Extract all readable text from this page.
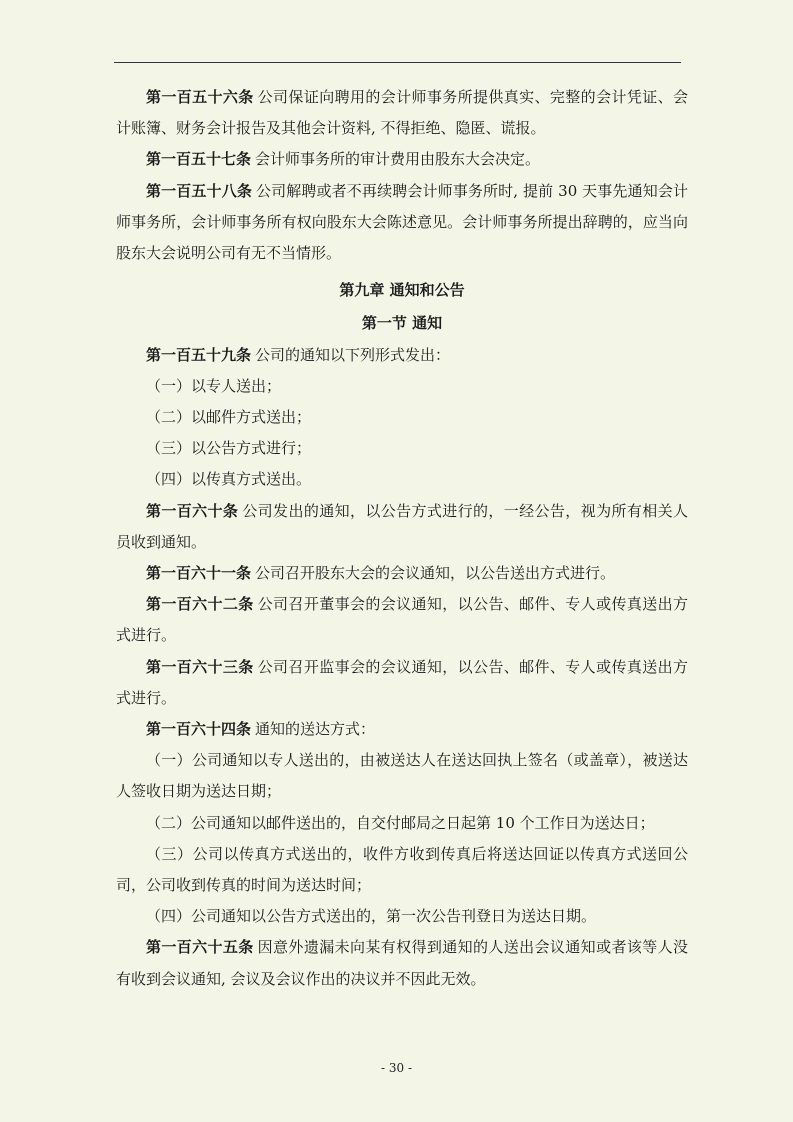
第一百五十六条 公司保证向聘用的会计师事务所提供真实、完整的会计凭证、会计账簿、财务会计报告及其他会计资料, 不得拒绝、隐匿、谎报。

第一百五十七条 会计师事务所的审计费用由股东大会决定。

第一百五十八条 公司解聘或者不再续聘会计师事务所时, 提前 30 天事先通知会计师事务所，会计师事务所有权向股东大会陈述意见。会计师事务所提出辞聘的，应当向股东大会说明公司有无不当情形。

第九章 通知和公告

第一节 通知

第一百五十九条 公司的通知以下列形式发出：

（一）以专人送出；

（二）以邮件方式送出；

（三）以公告方式进行；

（四）以传真方式送出。

第一百六十条 公司发出的通知，以公告方式进行的，一经公告，视为所有相关人员收到通知。

第一百六十一条 公司召开股东大会的会议通知，以公告送出方式进行。

第一百六十二条 公司召开董事会的会议通知，以公告、邮件、专人或传真送出方式进行。

第一百六十三条 公司召开监事会的会议通知，以公告、邮件、专人或传真送出方式进行。

第一百六十四条 通知的送达方式：

（一）公司通知以专人送出的，由被送达人在送达回执上签名（或盖章），被送达人签收日期为送达日期；

（二）公司通知以邮件送出的，自交付邮局之日起第 10 个工作日为送达日；

（三）公司以传真方式送出的，收件方收到传真后将送达回证以传真方式送回公司，公司收到传真的时间为送达时间；

（四）公司通知以公告方式送出的，第一次公告刊登日为送达日期。

第一百六十五条 因意外遗漏未向某有权得到通知的人送出会议通知或者该等人没有收到会议通知, 会议及会议作出的决议并不因此无效。

- 30 -
